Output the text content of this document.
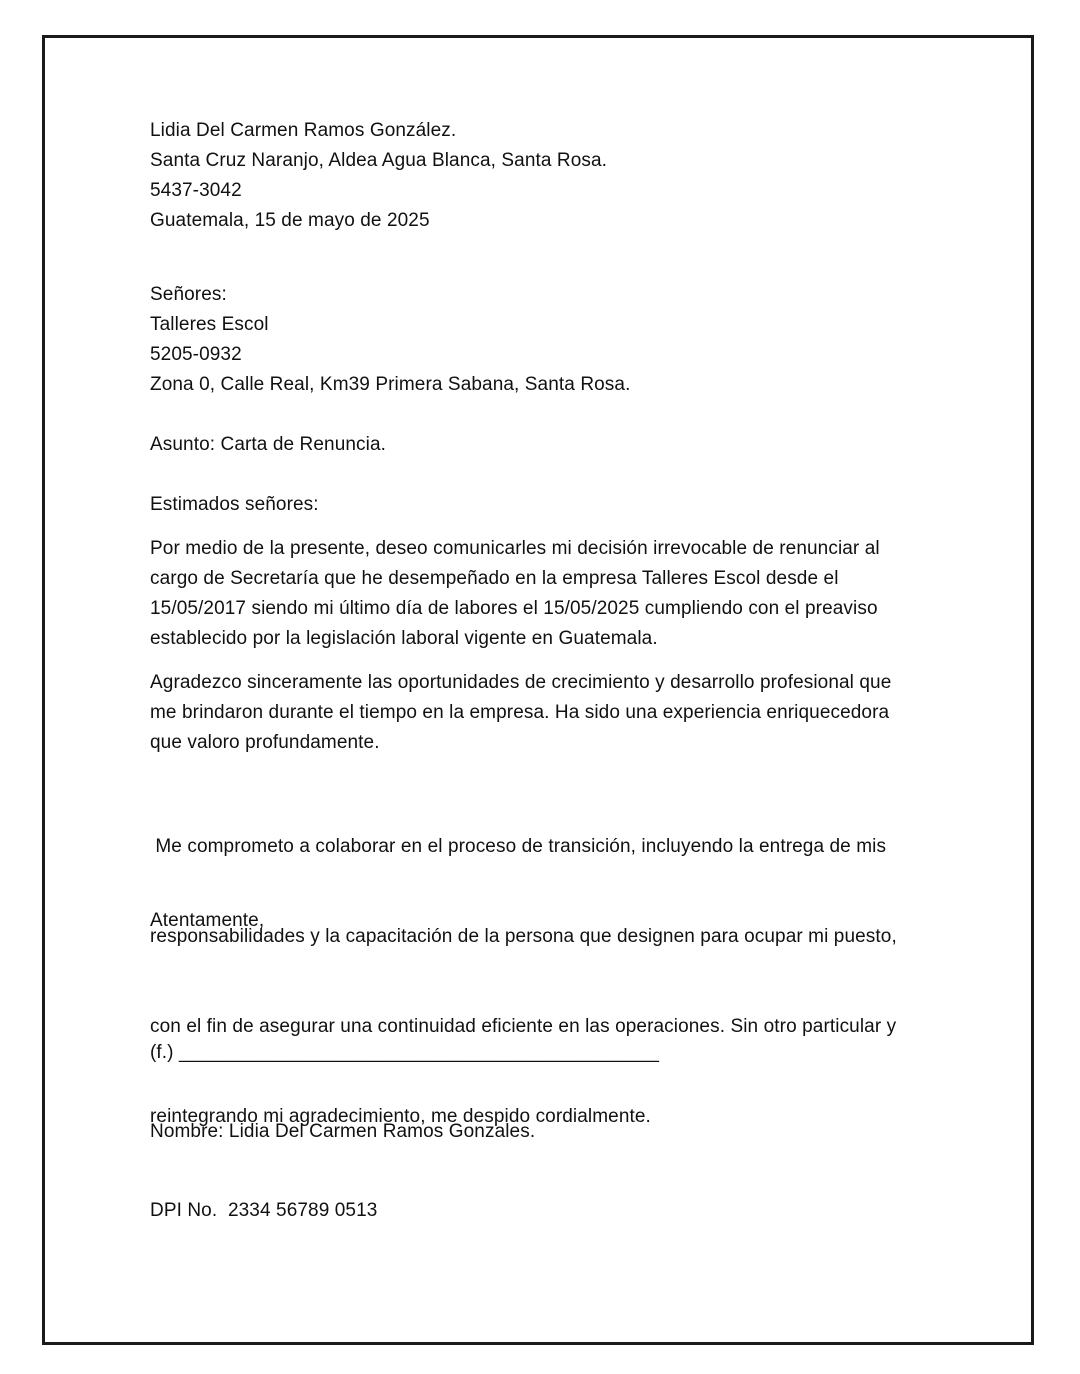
Lidia Del Carmen Ramos González.
Santa Cruz Naranjo, Aldea Agua Blanca, Santa Rosa.
5437-3042
Guatemala, 15 de mayo de 2025
Señores:
Talleres Escol
5205-0932
Zona 0, Calle Real, Km39 Primera Sabana, Santa Rosa.
Asunto: Carta de Renuncia.
Estimados señores:
Por medio de la presente, deseo comunicarles mi decisión irrevocable de renunciar al
cargo de Secretaría que he desempeñado en la empresa Talleres Escol desde el
15/05/2017 siendo mi último día de labores el 15/05/2025 cumpliendo con el preaviso
establecido por la legislación laboral vigente en Guatemala.
Agradezco sinceramente las oportunidades de crecimiento y desarrollo profesional que
me brindaron durante el tiempo en la empresa. Ha sido una experiencia enriquecedora
que valoro profundamente.

Me comprometo a colaborar en el proceso de transición, incluyendo la entrega de mis

responsabilidades y la capacitación de la persona que designen para ocupar mi puesto,

con el fin de asegurar una continuidad eficiente en las operaciones. Sin otro particular y

reintegrando mi agradecimiento, me despido cordialmente.

Atentamente,
(f.) _____________________________________________
Nombre: Lidia Del Carmen Ramos Gonzales.
DPI No.  2334 56789 0513
